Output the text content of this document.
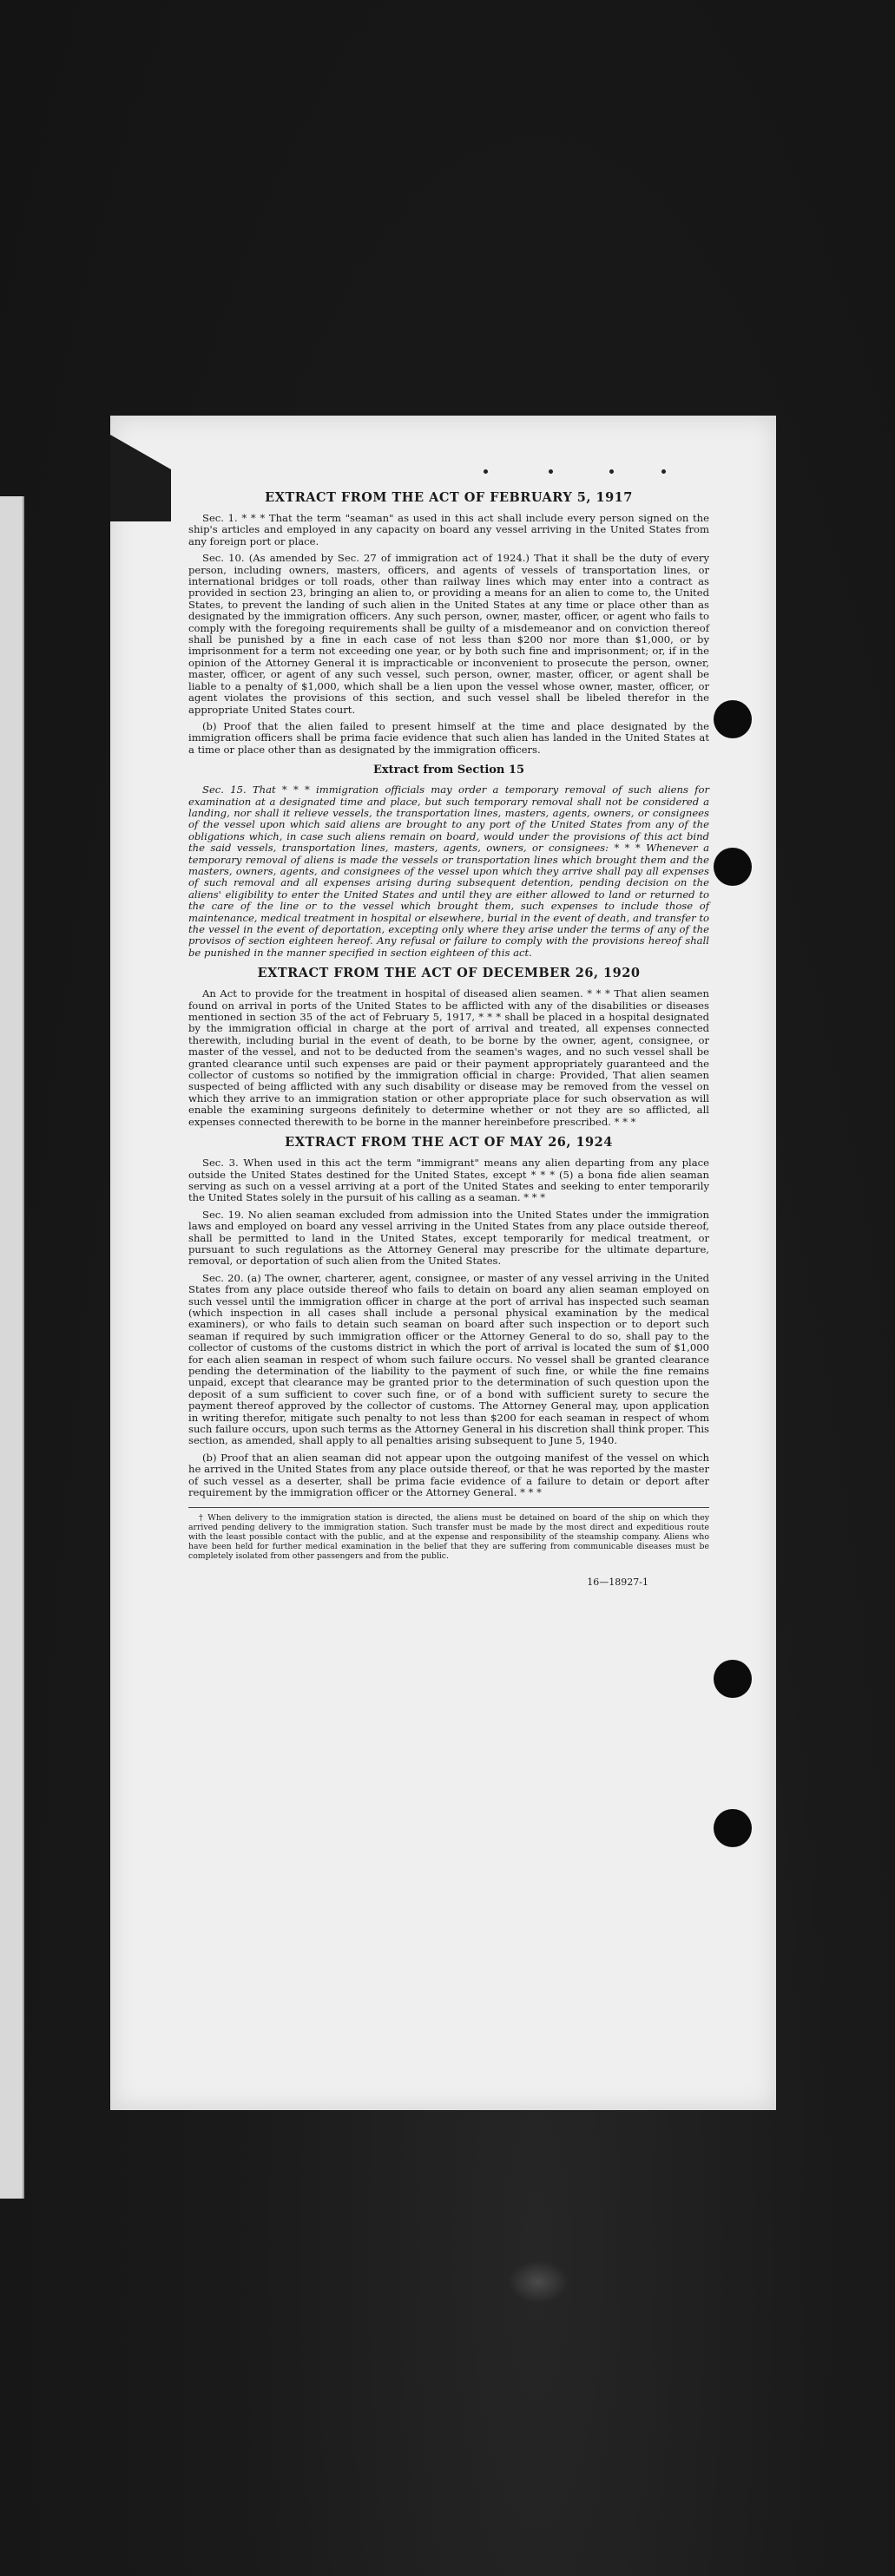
EXTRACT FROM THE ACT OF FEBRUARY 5, 1917

Sec. 1. * * * That the term "seaman" as used in this act shall include every person signed on the ship's articles and employed in any capacity on board any vessel arriving in the United States from any foreign port or place.

Sec. 10. (As amended by Sec. 27 of immigration act of 1924.) That it shall be the duty of every person, including owners, masters, officers, and agents of vessels of transportation lines, or international bridges or toll roads, other than railway lines which may enter into a contract as provided in section 23, bringing an alien to, or providing a means for an alien to come to, the United States, to prevent the landing of such alien in the United States at any time or place other than as designated by the immigration officers. Any such person, owner, master, officer, or agent who fails to comply with the foregoing requirements shall be guilty of a misdemeanor and on conviction thereof shall be punished by a fine in each case of not less than $200 nor more than $1,000, or by imprisonment for a term not exceeding one year, or by both such fine and imprisonment; or, if in the opinion of the Attorney General it is impracticable or inconvenient to prosecute the person, owner, master, officer, or agent of any such vessel, such person, owner, master, officer, or agent shall be liable to a penalty of $1,000, which shall be a lien upon the vessel whose owner, master, officer, or agent violates the provisions of this section, and such vessel shall be libeled therefor in the appropriate United States court.

(b) Proof that the alien failed to present himself at the time and place designated by the immigration officers shall be prima facie evidence that such alien has landed in the United States at a time or place other than as designated by the immigration officers.

Extract from Section 15

Sec. 15. That * * * immigration officials may order a temporary removal of such aliens for examination at a designated time and place, but such temporary removal shall not be considered a landing, nor shall it relieve vessels, the transportation lines, masters, agents, owners, or consignees of the vessel upon which said aliens are brought to any port of the United States from any of the obligations which, in case such aliens remain on board, would under the provisions of this act bind the said vessels, transportation lines, masters, agents, owners, or consignees: * * * Whenever a temporary removal of aliens is made the vessels or transportation lines which brought them and the masters, owners, agents, and consignees of the vessel upon which they arrive shall pay all expenses of such removal and all expenses arising during subsequent detention, pending decision on the aliens' eligibility to enter the United States and until they are either allowed to land or returned to the care of the line or to the vessel which brought them, such expenses to include those of maintenance, medical treatment in hospital or elsewhere, burial in the event of death, and transfer to the vessel in the event of deportation, excepting only where they arise under the terms of any of the provisos of section eighteen hereof. Any refusal or failure to comply with the provisions hereof shall be punished in the manner specified in section eighteen of this act.

EXTRACT FROM THE ACT OF DECEMBER 26, 1920

An Act to provide for the treatment in hospital of diseased alien seamen. * * * That alien seamen found on arrival in ports of the United States to be afflicted with any of the disabilities or diseases mentioned in section 35 of the act of February 5, 1917, * * * shall be placed in a hospital designated by the immigration official in charge at the port of arrival and treated, all expenses connected therewith, including burial in the event of death, to be borne by the owner, agent, consignee, or master of the vessel, and not to be deducted from the seamen's wages, and no such vessel shall be granted clearance until such expenses are paid or their payment appropriately guaranteed and the collector of customs so notified by the immigration official in charge: Provided, That alien seamen suspected of being afflicted with any such disability or disease may be removed from the vessel on which they arrive to an immigration station or other appropriate place for such observation as will enable the examining surgeons definitely to determine whether or not they are so afflicted, all expenses connected therewith to be borne in the manner hereinbefore prescribed. * * *

EXTRACT FROM THE ACT OF MAY 26, 1924

Sec. 3. When used in this act the term "immigrant" means any alien departing from any place outside the United States destined for the United States, except * * * (5) a bona fide alien seaman serving as such on a vessel arriving at a port of the United States and seeking to enter temporarily the United States solely in the pursuit of his calling as a seaman. * * *

Sec. 19. No alien seaman excluded from admission into the United States under the immigration laws and employed on board any vessel arriving in the United States from any place outside thereof, shall be permitted to land in the United States, except temporarily for medical treatment, or pursuant to such regulations as the Attorney General may prescribe for the ultimate departure, removal, or deportation of such alien from the United States.

Sec. 20. (a) The owner, charterer, agent, consignee, or master of any vessel arriving in the United States from any place outside thereof who fails to detain on board any alien seaman employed on such vessel until the immigration officer in charge at the port of arrival has inspected such seaman (which inspection in all cases shall include a personal physical examination by the medical examiners), or who fails to detain such seaman on board after such inspection or to deport such seaman if required by such immigration officer or the Attorney General to do so, shall pay to the collector of customs of the customs district in which the port of arrival is located the sum of $1,000 for each alien seaman in respect of whom such failure occurs. No vessel shall be granted clearance pending the determination of the liability to the payment of such fine, or while the fine remains unpaid, except that clearance may be granted prior to the determination of such question upon the deposit of a sum sufficient to cover such fine, or of a bond with sufficient surety to secure the payment thereof approved by the collector of customs. The Attorney General may, upon application in writing therefor, mitigate such penalty to not less than $200 for each seaman in respect of whom such failure occurs, upon such terms as the Attorney General in his discretion shall think proper. This section, as amended, shall apply to all penalties arising subsequent to June 5, 1940.

(b) Proof that an alien seaman did not appear upon the outgoing manifest of the vessel on which he arrived in the United States from any place outside thereof, or that he was reported by the master of such vessel as a deserter, shall be prima facie evidence of a failure to detain or deport after requirement by the immigration officer or the Attorney General. * * *

† When delivery to the immigration station is directed, the aliens must be detained on board of the ship on which they arrived pending delivery to the immigration station. Such transfer must be made by the most direct and expeditious route with the least possible contact with the public, and at the expense and responsibility of the steamship company. Aliens who have been held for further medical examination in the belief that they are suffering from communicable diseases must be completely isolated from other passengers and from the public.

16—18927-1
'
